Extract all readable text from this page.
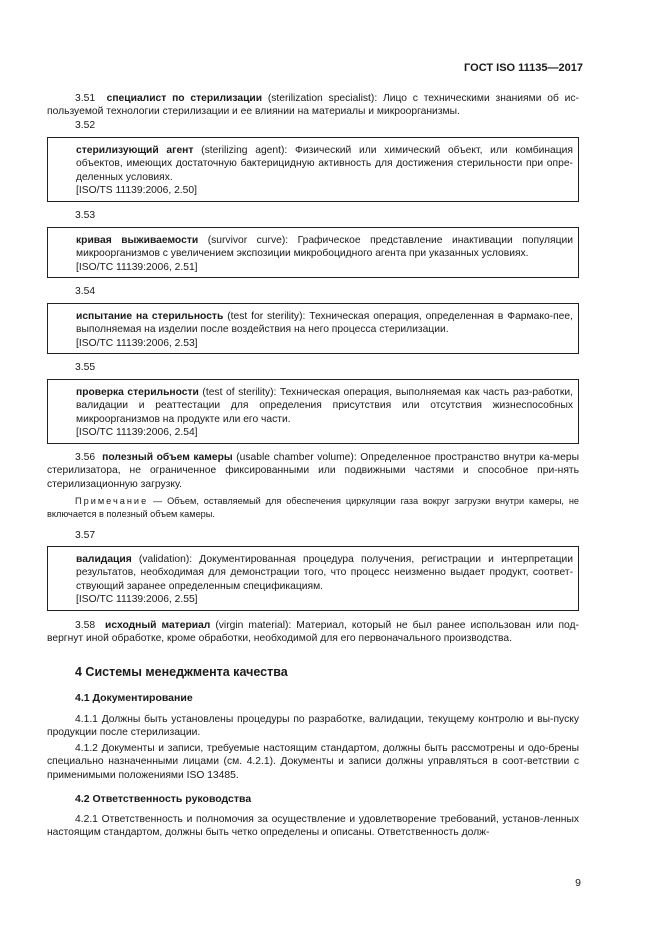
ГОСТ ISO 11135—2017

3.51 специалист по стерилизации (sterilization specialist): Лицо с техническими знаниями об ис-пользуемой технологии стерилизации и ее влиянии на материалы и микроорганизмы.

3.52

стерилизующий агент (sterilizing agent): Физический или химический объект, или комбинация объектов, имеющих достаточную бактерицидную активность для достижения стерильности при опре-деленных условиях.

[ISO/TS 11139:2006, 2.50]

3.53

кривая выживаемости (survivor curve): Графическое представление инактивации популяции микроорганизмов с увеличением экспозиции микробоцидного агента при указанных условиях.

[ISO/TC 11139:2006, 2.51]

3.54

испытание на стерильность (test for sterility): Техническая операция, определенная в Фармако-пее, выполняемая на изделии после воздействия на него процесса стерилизации.

[ISO/TC 11139:2006, 2.53]

3.55

проверка стерильности (test of sterility): Техническая операция, выполняемая как часть раз-работки, валидации и реаттестации для определения присутствия или отсутствия жизнеспособных микроорганизмов на продукте или его части.

[ISO/TC 11139:2006, 2.54]

3.56 полезный объем камеры (usable chamber volume): Определенное пространство внутри ка-меры стерилизатора, не ограниченное фиксированными или подвижными частями и способное при-нять стерилизационную загрузку.

Примечание — Объем, оставляемый для обеспечения циркуляции газа вокруг загрузки внутри камеры, не включается в полезный объем камеры.

3.57

валидация (validation): Документированная процедура получения, регистрации и интерпретации результатов, необходимая для демонстрации того, что процесс неизменно выдает продукт, соответ-ствующий заранее определенным спецификациям.

[ISO/TC 11139:2006, 2.55]

3.58 исходный материал (virgin material): Материал, который не был ранее использован или под-вергнут иной обработке, кроме обработки, необходимой для его первоначального производства.

4 Системы менеджмента качества
4.1 Документирование

4.1.1 Должны быть установлены процедуры по разработке, валидации, текущему контролю и вы-пуску продукции после стерилизации.

4.1.2 Документы и записи, требуемые настоящим стандартом, должны быть рассмотрены и одо-брены специально назначенными лицами (см. 4.2.1). Документы и записи должны управляться в соот-ветствии с применимыми положениями ISO 13485.

4.2 Ответственность руководства

4.2.1 Ответственность и полномочия за осуществление и удовлетворение требований, установ-ленных настоящим стандартом, должны быть четко определены и описаны. Ответственность долж-

9
